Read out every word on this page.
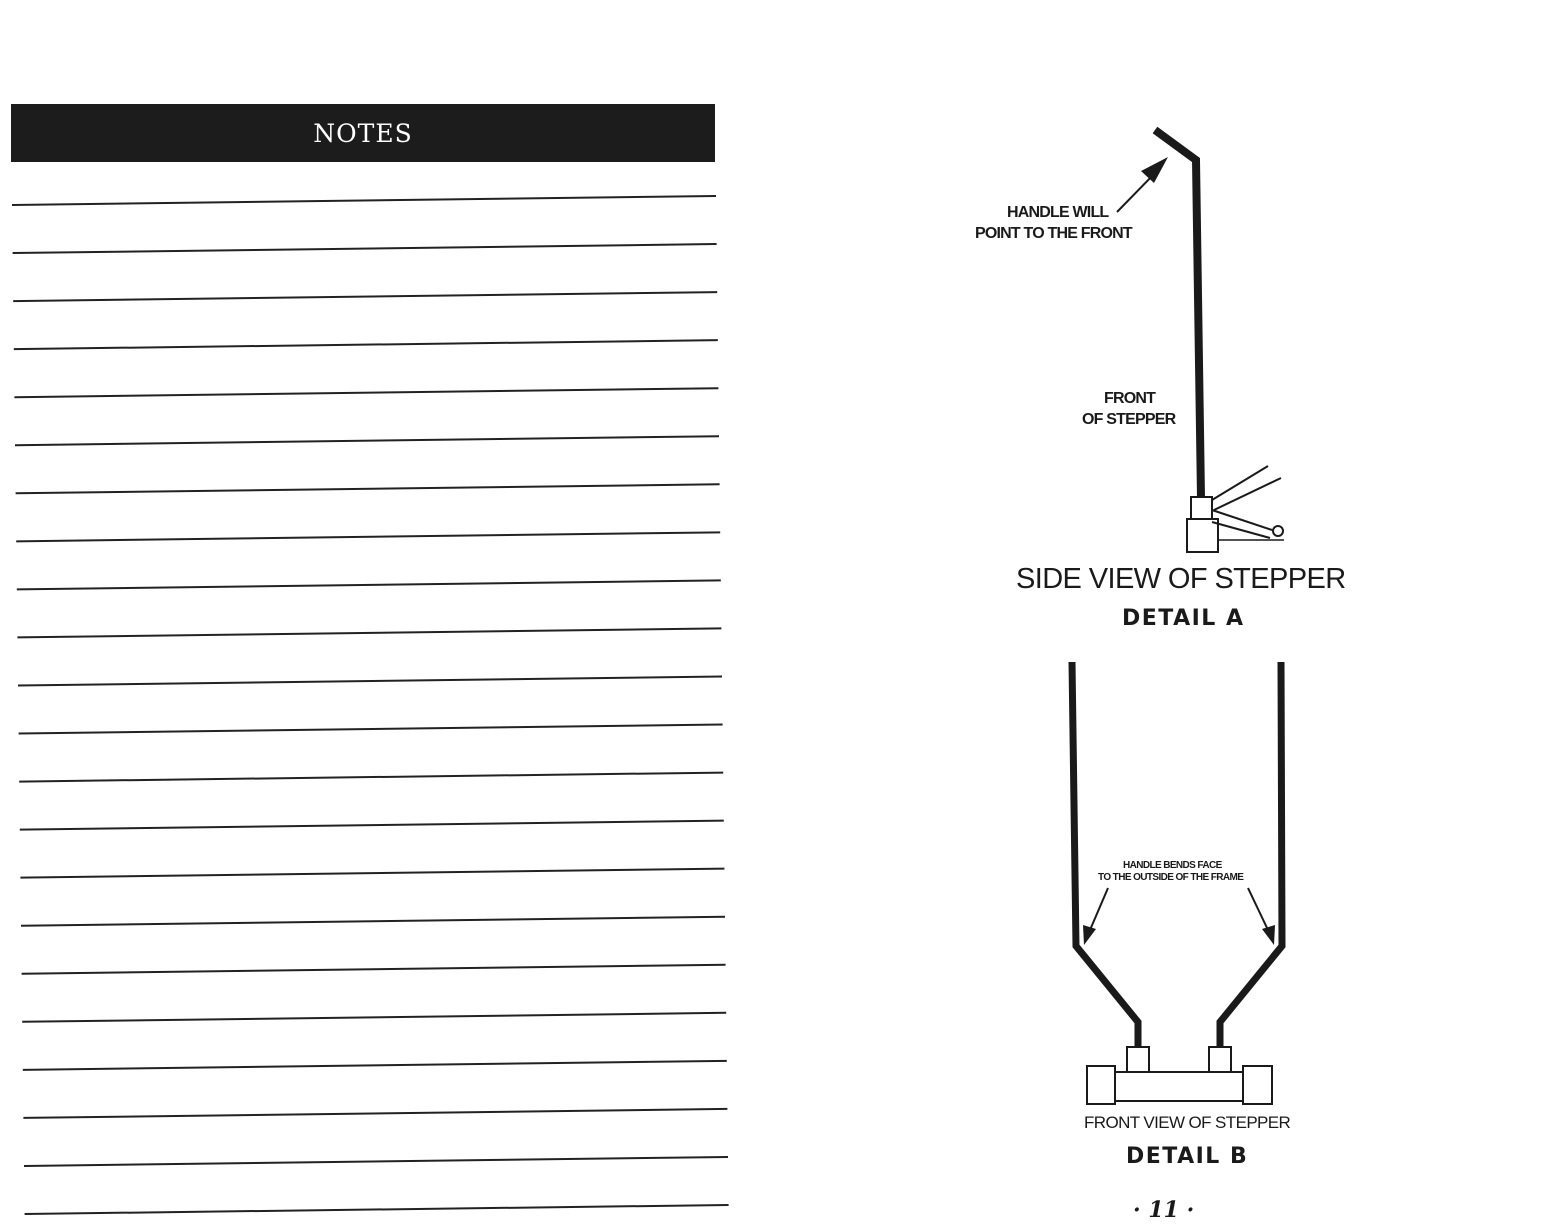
NOTES
HANDLE WILL
POINT TO THE FRONT
FRONT
OF STEPPER
SIDE VIEW OF STEPPER
DETAIL A
HANDLE BENDS FACE
TO THE OUTSIDE OF THE FRAME
FRONT VIEW OF STEPPER
DETAIL B
· 11 ·
